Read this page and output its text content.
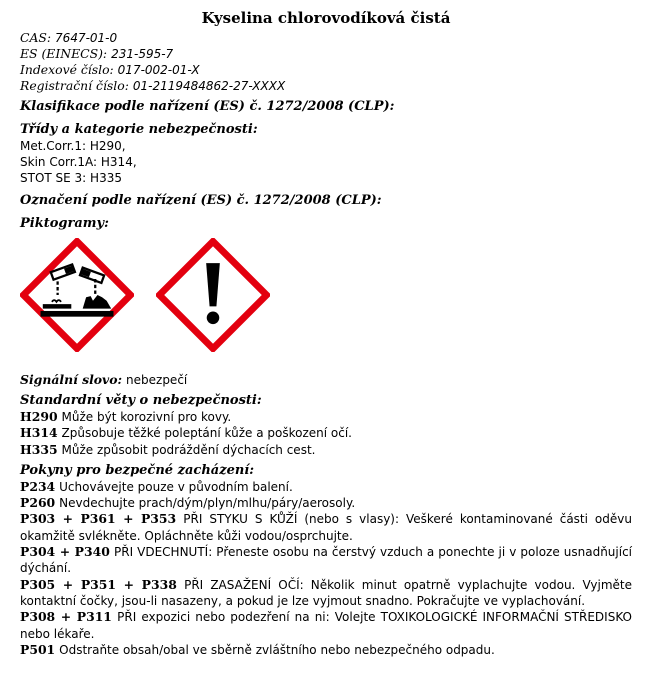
Kyselina chlorovodíková čistá
CAS: 7647-01-0
ES (EINECS): 231-595-7
Indexové číslo: 017-002-01-X
Registrační číslo: 01-2119484862-27-XXXX
Klasifikace podle nařízení (ES) č. 1272/2008 (CLP):
Třídy a kategorie nebezpečnosti:
Met.Corr.1: H290,
Skin Corr.1A: H314,
STOT SE 3: H335
Označení podle nařízení (ES) č. 1272/2008 (CLP):
Piktogramy:
Signální slovo: nebezpečí
Standardní věty o nebezpečnosti:
H290 Může být korozivní pro kovy.
H314 Způsobuje těžké poleptání kůže a poškození očí.
H335 Může způsobit podráždění dýchacích cest.
Pokyny pro bezpečné zacházení:
P234 Uchovávejte pouze v původním balení.
P260 Nevdechujte prach/dým/plyn/mlhu/páry/aerosoly.
P303 + P361 + P353 PŘI STYKU S KŮŽÍ (nebo s vlasy): Veškeré kontaminované části oděvu okamžitě svlékněte. Opláchněte kůži vodou/osprchujte.
P304 + P340 PŘI VDECHNUTÍ: Přeneste osobu na čerstvý vzduch a ponechte ji v poloze usnadňující dýchání.
P305 + P351 + P338 PŘI ZASAŽENÍ OČÍ: Několik minut opatrně vyplachujte vodou. Vyjměte kontaktní čočky, jsou-li nasazeny, a pokud je lze vyjmout snadno. Pokračujte ve vyplachování.
P308 + P311 PŘI expozici nebo podezření na ni: Volejte TOXIKOLOGICKÉ INFORMAČNÍ STŘEDISKO nebo lékaře.
P501 Odstraňte obsah/obal ve sběrně zvláštního nebo nebezpečného odpadu.
